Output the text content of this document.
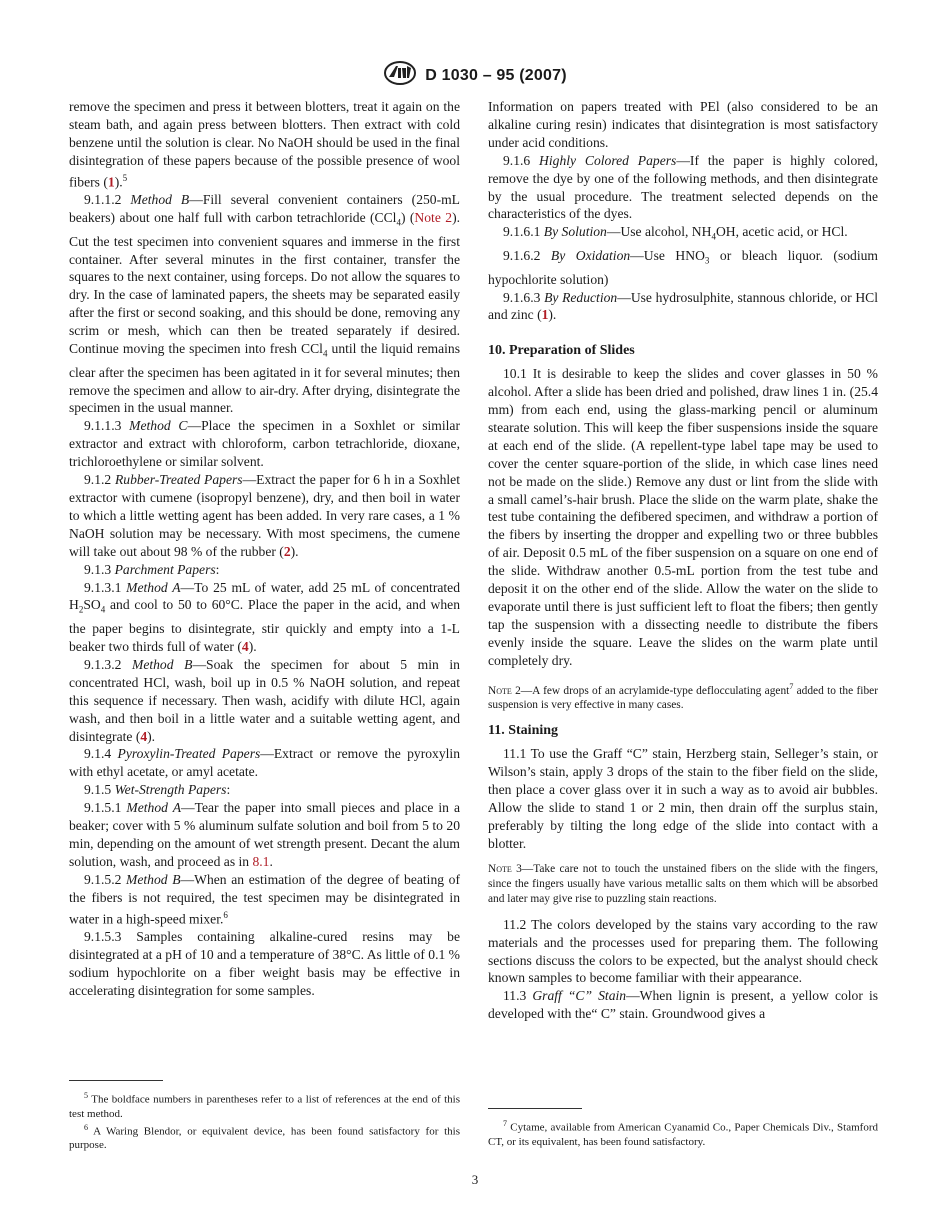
D 1030 – 95 (2007)

remove the specimen and press it between blotters, treat it again on the steam bath, and again press between blotters. Then extract with cold benzene until the solution is clear. No NaOH should be used in the final disintegration of these papers because of the possible presence of wool fibers (1).$^5$

9.1.1.2 Method B—Fill several convenient containers (250-mL beakers) about one half full with carbon tetrachloride (CCl$_4$) (Note 2). Cut the test specimen into convenient squares and immerse in the first container. After several minutes in the first container, transfer the squares to the next container, using forceps. Do not allow the squares to dry. In the case of laminated papers, the sheets may be separated easily after the first or second soaking, and this should be done, removing any scrim or mesh, which can then be treated separately if desired. Continue moving the specimen into fresh CCl$_4$ until the liquid remains clear after the specimen has been agitated in it for several minutes; then remove the specimen and allow to air-dry. After drying, disintegrate the specimen in the usual manner.

9.1.1.3 Method C—Place the specimen in a Soxhlet or similar extractor and extract with chloroform, carbon tetrachloride, dioxane, trichloroethylene or similar solvent.

9.1.2 Rubber-Treated Papers—Extract the paper for 6 h in a Soxhlet extractor with cumene (isopropyl benzene), dry, and then boil in water to which a little wetting agent has been added. In very rare cases, a 1 % NaOH solution may be necessary. With most specimens, the cumene will take out about 98 % of the rubber (2).

9.1.3 Parchment Papers:

9.1.3.1 Method A—To 25 mL of water, add 25 mL of concentrated $H_2SO_4$ and cool to 50 to 60°C. Place the paper in the acid, and when the paper begins to disintegrate, stir quickly and empty into a 1-L beaker two thirds full of water (4).

9.1.3.2 Method B—Soak the specimen for about 5 min in concentrated HCl, wash, boil up in 0.5 % NaOH solution, and repeat this sequence if necessary. Then wash, acidify with dilute HCl, again wash, and then boil in a little water and a suitable wetting agent, and disintegrate (4).

9.1.4 Pyroxylin-Treated Papers—Extract or remove the pyroxylin with ethyl acetate, or amyl acetate.

9.1.5 Wet-Strength Papers:

9.1.5.1 Method A—Tear the paper into small pieces and place in a beaker; cover with 5 % aluminum sulfate solution and boil from 5 to 20 min, depending on the amount of wet strength present. Decant the alum solution, wash, and proceed as in 8.1.

9.1.5.2 Method B—When an estimation of the degree of beating of the fibers is not required, the test specimen may be disintegrated in water in a high-speed mixer.$^6$

9.1.5.3 Samples containing alkaline-cured resins may be disintegrated at a pH of 10 and a temperature of 38°C. As little of 0.1 % sodium hypochlorite on a fiber weight basis may be effective in accelerating disintegration for some samples.

Information on papers treated with PEl (also considered to be an alkaline curing resin) indicates that disintegration is most satisfactory under acid conditions.

9.1.6 Highly Colored Papers—If the paper is highly colored, remove the dye by one of the following methods, and then disintegrate by the usual procedure. The treatment selected depends on the characteristics of the dyes.

9.1.6.1 By Solution—Use alcohol, $NH_4OH$, acetic acid, or HCl.

9.1.6.2 By Oxidation—Use $HNO_3$ or bleach liquor. (sodium hypochlorite solution)

9.1.6.3 By Reduction—Use hydrosulphite, stannous chloride, or HCl and zinc (1).

10. Preparation of Slides

10.1 It is desirable to keep the slides and cover glasses in 50 % alcohol. After a slide has been dried and polished, draw lines 1 in. (25.4 mm) from each end, using the glass-marking pencil or aluminum stearate solution. This will keep the fiber suspensions inside the square at each end of the slide. (A repellent-type label tape may be used to cover the center square-portion of the slide, in which case lines need not be made on the slide.) Remove any dust or lint from the slide with a small camel’s-hair brush. Place the slide on the warm plate, shake the test tube containing the defibered specimen, and withdraw a portion of the fibers by inserting the dropper and expelling two or three bubbles of air. Deposit 0.5 mL of the fiber suspension on a square on one end of the slide. Withdraw another 0.5-mL portion from the test tube and deposit it on the other end of the slide. Allow the water on the slide to evaporate until there is just sufficient left to float the fibers; then gently tap the suspension with a dissecting needle to distribute the fibers evenly inside the square. Leave the slides on the warm plate until completely dry.

Note 2—A few drops of an acrylamide-type deflocculating agent$^7$ added to the fiber suspension is very effective in many cases.

11. Staining

11.1 To use the Graff “C” stain, Herzberg stain, Selleger’s stain, or Wilson’s stain, apply 3 drops of the stain to the fiber field on the slide, then place a cover glass over it in such a way as to avoid air bubbles. Allow the slide to stand 1 or 2 min, then drain off the surplus stain, preferably by tilting the long edge of the slide into contact with a blotter.

Note 3—Take care not to touch the unstained fibers on the slide with the fingers, since the fingers usually have various metallic salts on them which will be absorbed and later may give rise to puzzling stain reactions.

11.2 The colors developed by the stains vary according to the raw materials and the processes used for preparing them. The following sections discuss the colors to be expected, but the analyst should check known samples to become familiar with their appearance.

11.3 Graff “C” Stain—When lignin is present, a yellow color is developed with the“ C” stain. Groundwood gives a

$^5$ The boldface numbers in parentheses refer to a list of references at the end of this test method.

$^6$ A Waring Blendor, or equivalent device, has been found satisfactory for this purpose.

$^7$ Cytame, available from American Cyanamid Co., Paper Chemicals Div., Stamford CT, or its equivalent, has been found satisfactory.

3
